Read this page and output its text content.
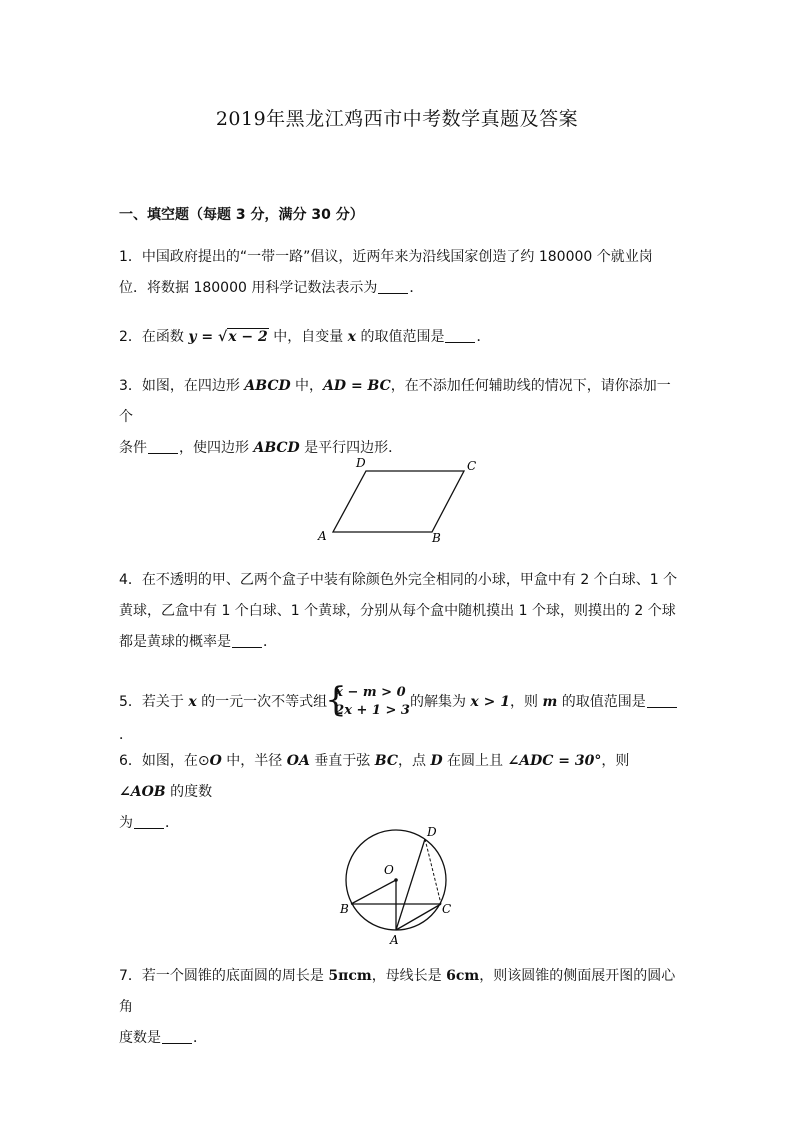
2019年黑龙江鸡西市中考数学真题及答案
一、填空题（每题 3 分，满分 30 分）
1．中国政府提出的“一带一路”倡议，近两年来为沿线国家创造了约 180000 个就业岗
位．将数据 180000 用科学记数法表示为 ．
2．在函数 y = √x − 2 中，自变量 x 的取值范围是 ．
3．如图，在四边形 ABCD 中，AD = BC，在不添加任何辅助线的情况下，请你添加一个
条件 ，使四边形 ABCD 是平行四边形．
A	B
C
D
4．在不透明的甲、乙两个盒子中装有除颜色外完全相同的小球，甲盒中有 2 个白球、1 个
黄球，乙盒中有 1 个白球、1 个黄球，分别从每个盒中随机摸出 1 个球，则摸出的 2 个球
都是黄球的概率是 ．
5．若关于 x 的一元一次不等式组
{
x − m > 0
2x + 1 > 3
的解集为 x > 1，则 m 的取值范围是．
6．如图，在⊙O 中，半径 OA 垂直于弦 BC，点 D 在圆上且 ∠ADC = 30°，则 ∠AOB 的度数
为 ．
O
A
B	C
D
7．若一个圆锥的底面圆的周长是 5πcm，母线长是 6cm，则该圆锥的侧面展开图的圆心角
度数是 ．
